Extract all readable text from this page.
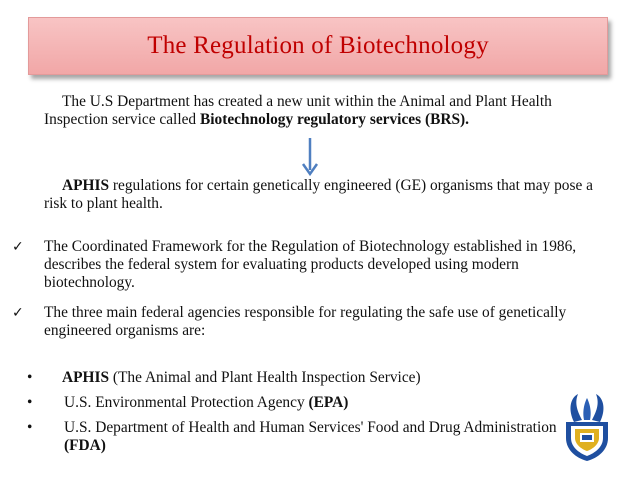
The Regulation of Biotechnology
The U.S Department has created a new unit within the Animal and Plant Health Inspection service called Biotechnology regulatory services (BRS).
APHIS regulations for certain genetically engineered (GE) organisms that may pose a risk to plant health.
✓	The Coordinated Framework for the Regulation of Biotechnology established in 1986, describes the federal system for evaluating products developed using modern biotechnology.
✓	The three main federal agencies responsible for regulating the safe use of genetically engineered organisms are:
•	APHIS (The Animal and Plant Health Inspection Service)
•	U.S. Environmental Protection Agency (EPA)
•	U.S. Department of Health and Human Services' Food and Drug Administration (FDA)
